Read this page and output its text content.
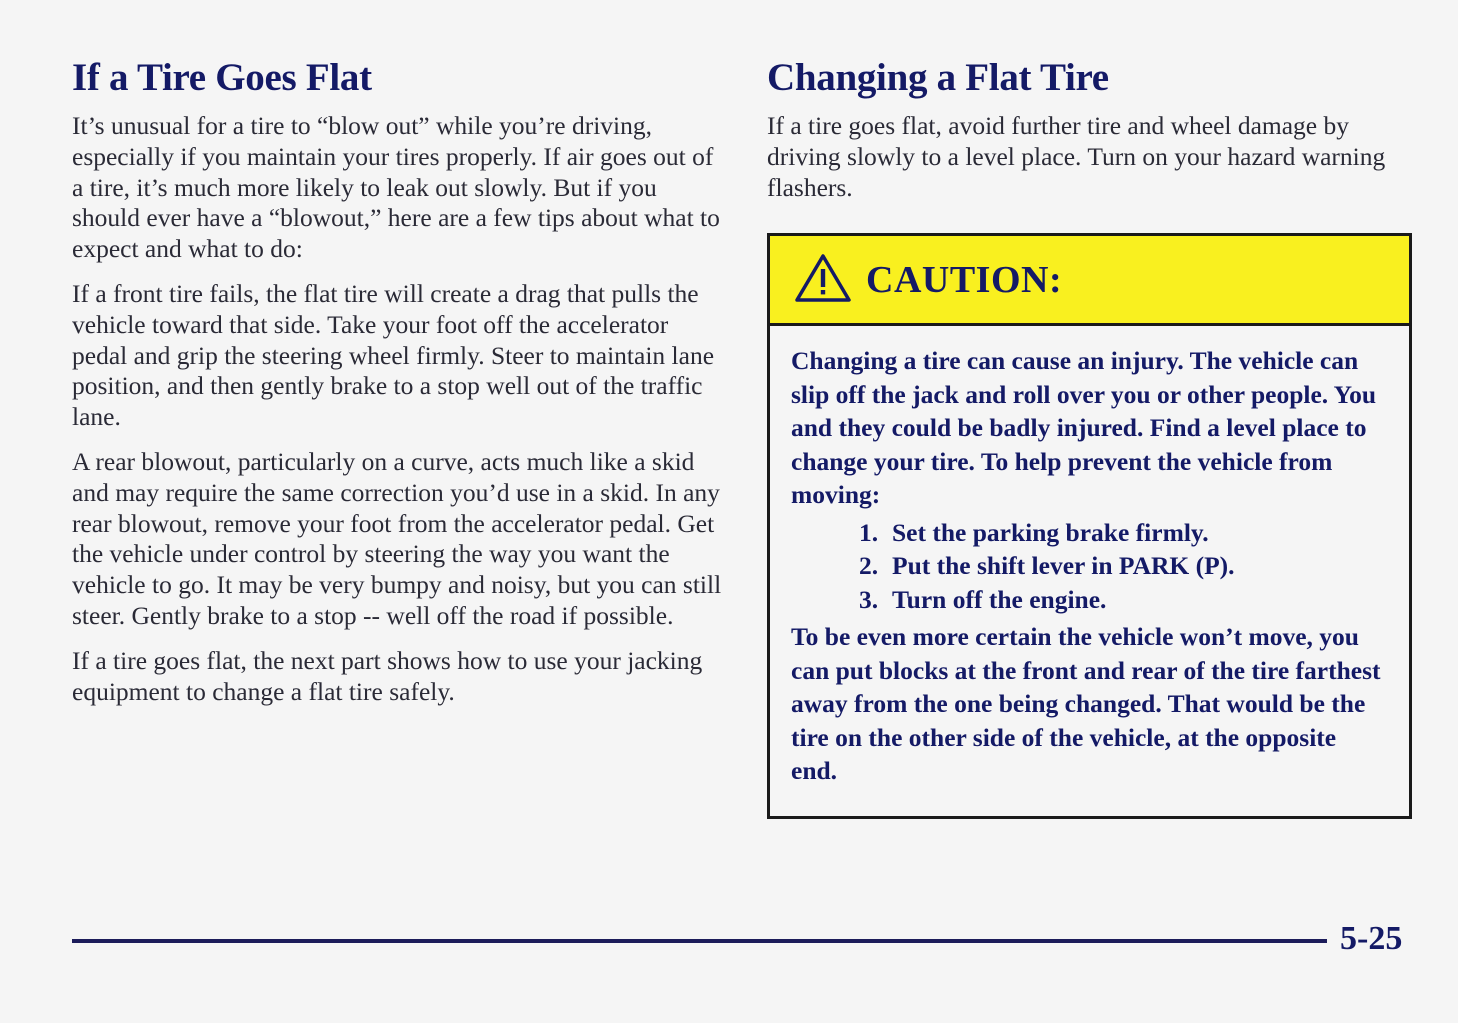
If a Tire Goes Flat

It’s unusual for a tire to “blow out” while you’re driving, especially if you maintain your tires properly. If air goes out of a tire, it’s much more likely to leak out slowly. But if you should ever have a “blowout,” here are a few tips about what to expect and what to do:

If a front tire fails, the flat tire will create a drag that pulls the vehicle toward that side. Take your foot off the accelerator pedal and grip the steering wheel firmly. Steer to maintain lane position, and then gently brake to a stop well out of the traffic lane.

A rear blowout, particularly on a curve, acts much like a skid and may require the same correction you’d use in a skid. In any rear blowout, remove your foot from the accelerator pedal. Get the vehicle under control by steering the way you want the vehicle to go. It may be very bumpy and noisy, but you can still steer. Gently brake to a stop -- well off the road if possible.

If a tire goes flat, the next part shows how to use your jacking equipment to change a flat tire safely.

Changing a Flat Tire

If a tire goes flat, avoid further tire and wheel damage by driving slowly to a level place. Turn on your hazard warning flashers.

CAUTION:

Changing a tire can cause an injury. The vehicle can slip off the jack and roll over you or other people. You and they could be badly injured. Find a level place to change your tire. To help prevent the vehicle from moving:

1. Set the parking brake firmly.
2. Put the shift lever in PARK (P).
3. Turn off the engine.

To be even more certain the vehicle won’t move, you can put blocks at the front and rear of the tire farthest away from the one being changed. That would be the tire on the other side of the vehicle, at the opposite end.

5-25
